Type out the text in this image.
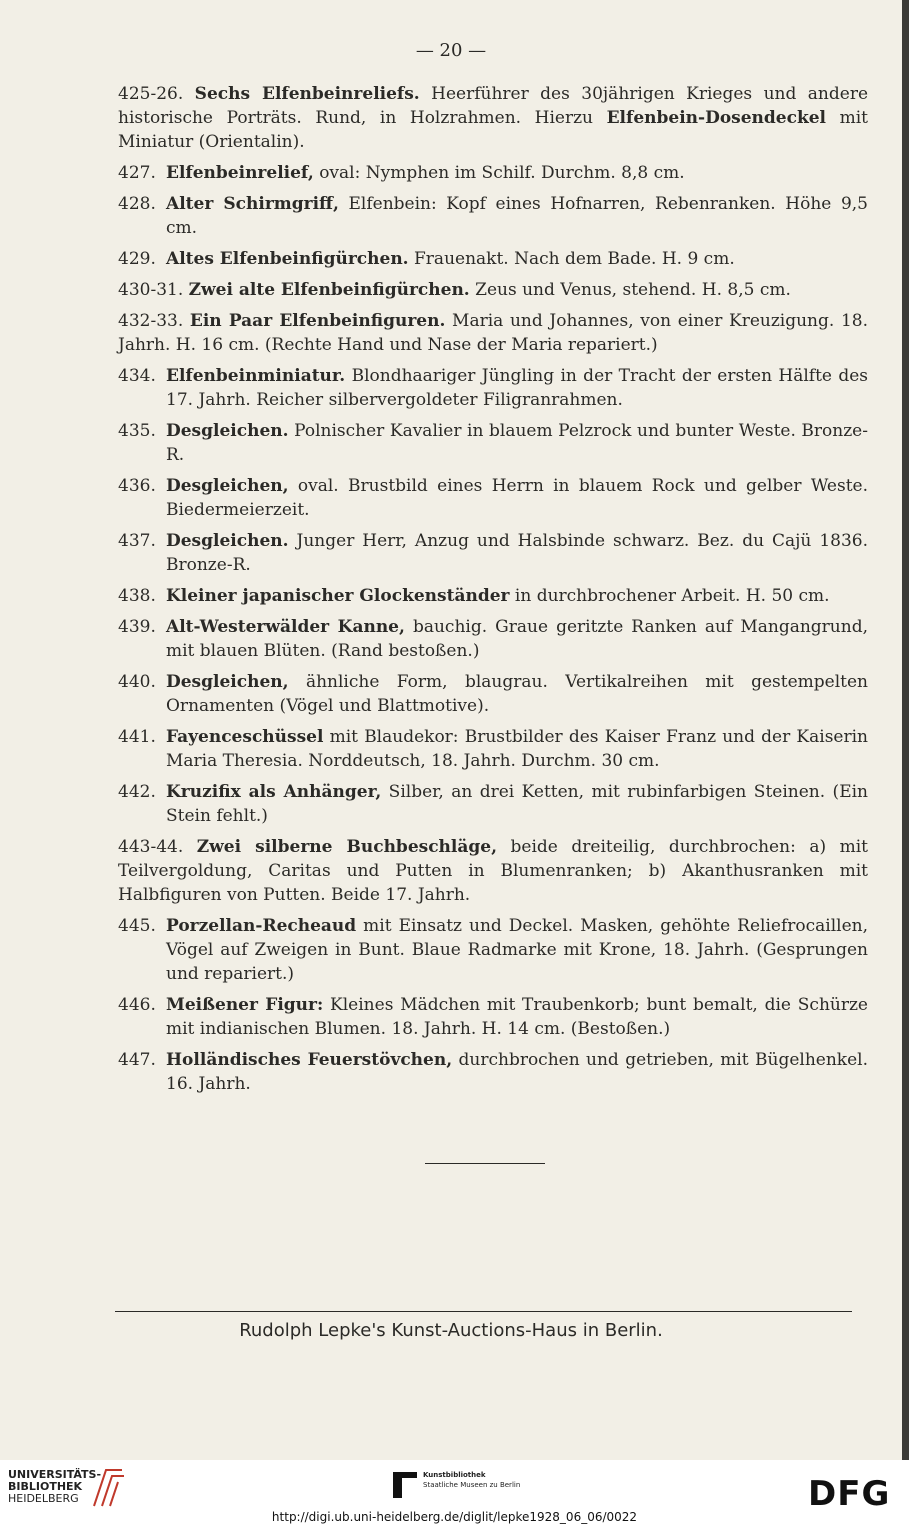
— 20 —
425-26. Sechs Elfenbeinreliefs. Heerführer des 30jährigen Krieges und andere historische Porträts. Rund, in Holzrahmen. Hierzu Elfenbein-Dosendeckel mit Miniatur (Orientalin).
427. Elfenbeinrelief, oval: Nymphen im Schilf. Durchm. 8,8 cm.
428. Alter Schirmgriff, Elfenbein: Kopf eines Hofnarren, Rebenranken. Höhe 9,5 cm.
429. Altes Elfenbeinfigürchen. Frauenakt. Nach dem Bade. H. 9 cm.
430-31. Zwei alte Elfenbeinfigürchen. Zeus und Venus, stehend. H. 8,5 cm.
432-33. Ein Paar Elfenbeinfiguren. Maria und Johannes, von einer Kreuzigung. 18. Jahrh. H. 16 cm. (Rechte Hand und Nase der Maria repariert.)
434. Elfenbeinminiatur. Blondhaariger Jüngling in der Tracht der ersten Hälfte des 17. Jahrh. Reicher silbervergoldeter Filigranrahmen.
435. Desgleichen. Polnischer Kavalier in blauem Pelzrock und bunter Weste. Bronze-R.
436. Desgleichen, oval. Brustbild eines Herrn in blauem Rock und gelber Weste. Biedermeierzeit.
437. Desgleichen. Junger Herr, Anzug und Halsbinde schwarz. Bez. du Cajü 1836. Bronze-R.
438. Kleiner japanischer Glockenständer in durchbrochener Arbeit. H. 50 cm.
439. Alt-Westerwälder Kanne, bauchig. Graue geritzte Ranken auf Mangangrund, mit blauen Blüten. (Rand bestoßen.)
440. Desgleichen, ähnliche Form, blaugrau. Vertikalreihen mit gestempelten Ornamenten (Vögel und Blattmotive).
441. Fayenceschüssel mit Blaudekor: Brustbilder des Kaiser Franz und der Kaiserin Maria Theresia. Norddeutsch, 18. Jahrh. Durchm. 30 cm.
442. Kruzifix als Anhänger, Silber, an drei Ketten, mit rubinfarbigen Steinen. (Ein Stein fehlt.)
443-44. Zwei silberne Buchbeschläge, beide dreiteilig, durchbrochen: a) mit Teilvergoldung, Caritas und Putten in Blumenranken; b) Akanthusranken mit Halbfiguren von Putten. Beide 17. Jahrh.
445. Porzellan-Recheaud mit Einsatz und Deckel. Masken, gehöhte Reliefrocaillen, Vögel auf Zweigen in Bunt. Blaue Radmarke mit Krone, 18. Jahrh. (Gesprungen und repariert.)
446. Meißener Figur: Kleines Mädchen mit Traubenkorb; bunt bemalt, die Schürze mit indianischen Blumen. 18. Jahrh. H. 14 cm. (Bestoßen.)
447. Holländisches Feuerstövchen, durchbrochen und getrieben, mit Bügelhenkel. 16. Jahrh.
Rudolph Lepke's Kunst-Auctions-Haus in Berlin.
UNIVERSITÄTS-
BIBLIOTHEK
HEIDELBERG
Kunstbibliothek
Staatliche Museen zu Berlin	DFG
http://digi.ub.uni-heidelberg.de/diglit/lepke1928_06_06/0022
